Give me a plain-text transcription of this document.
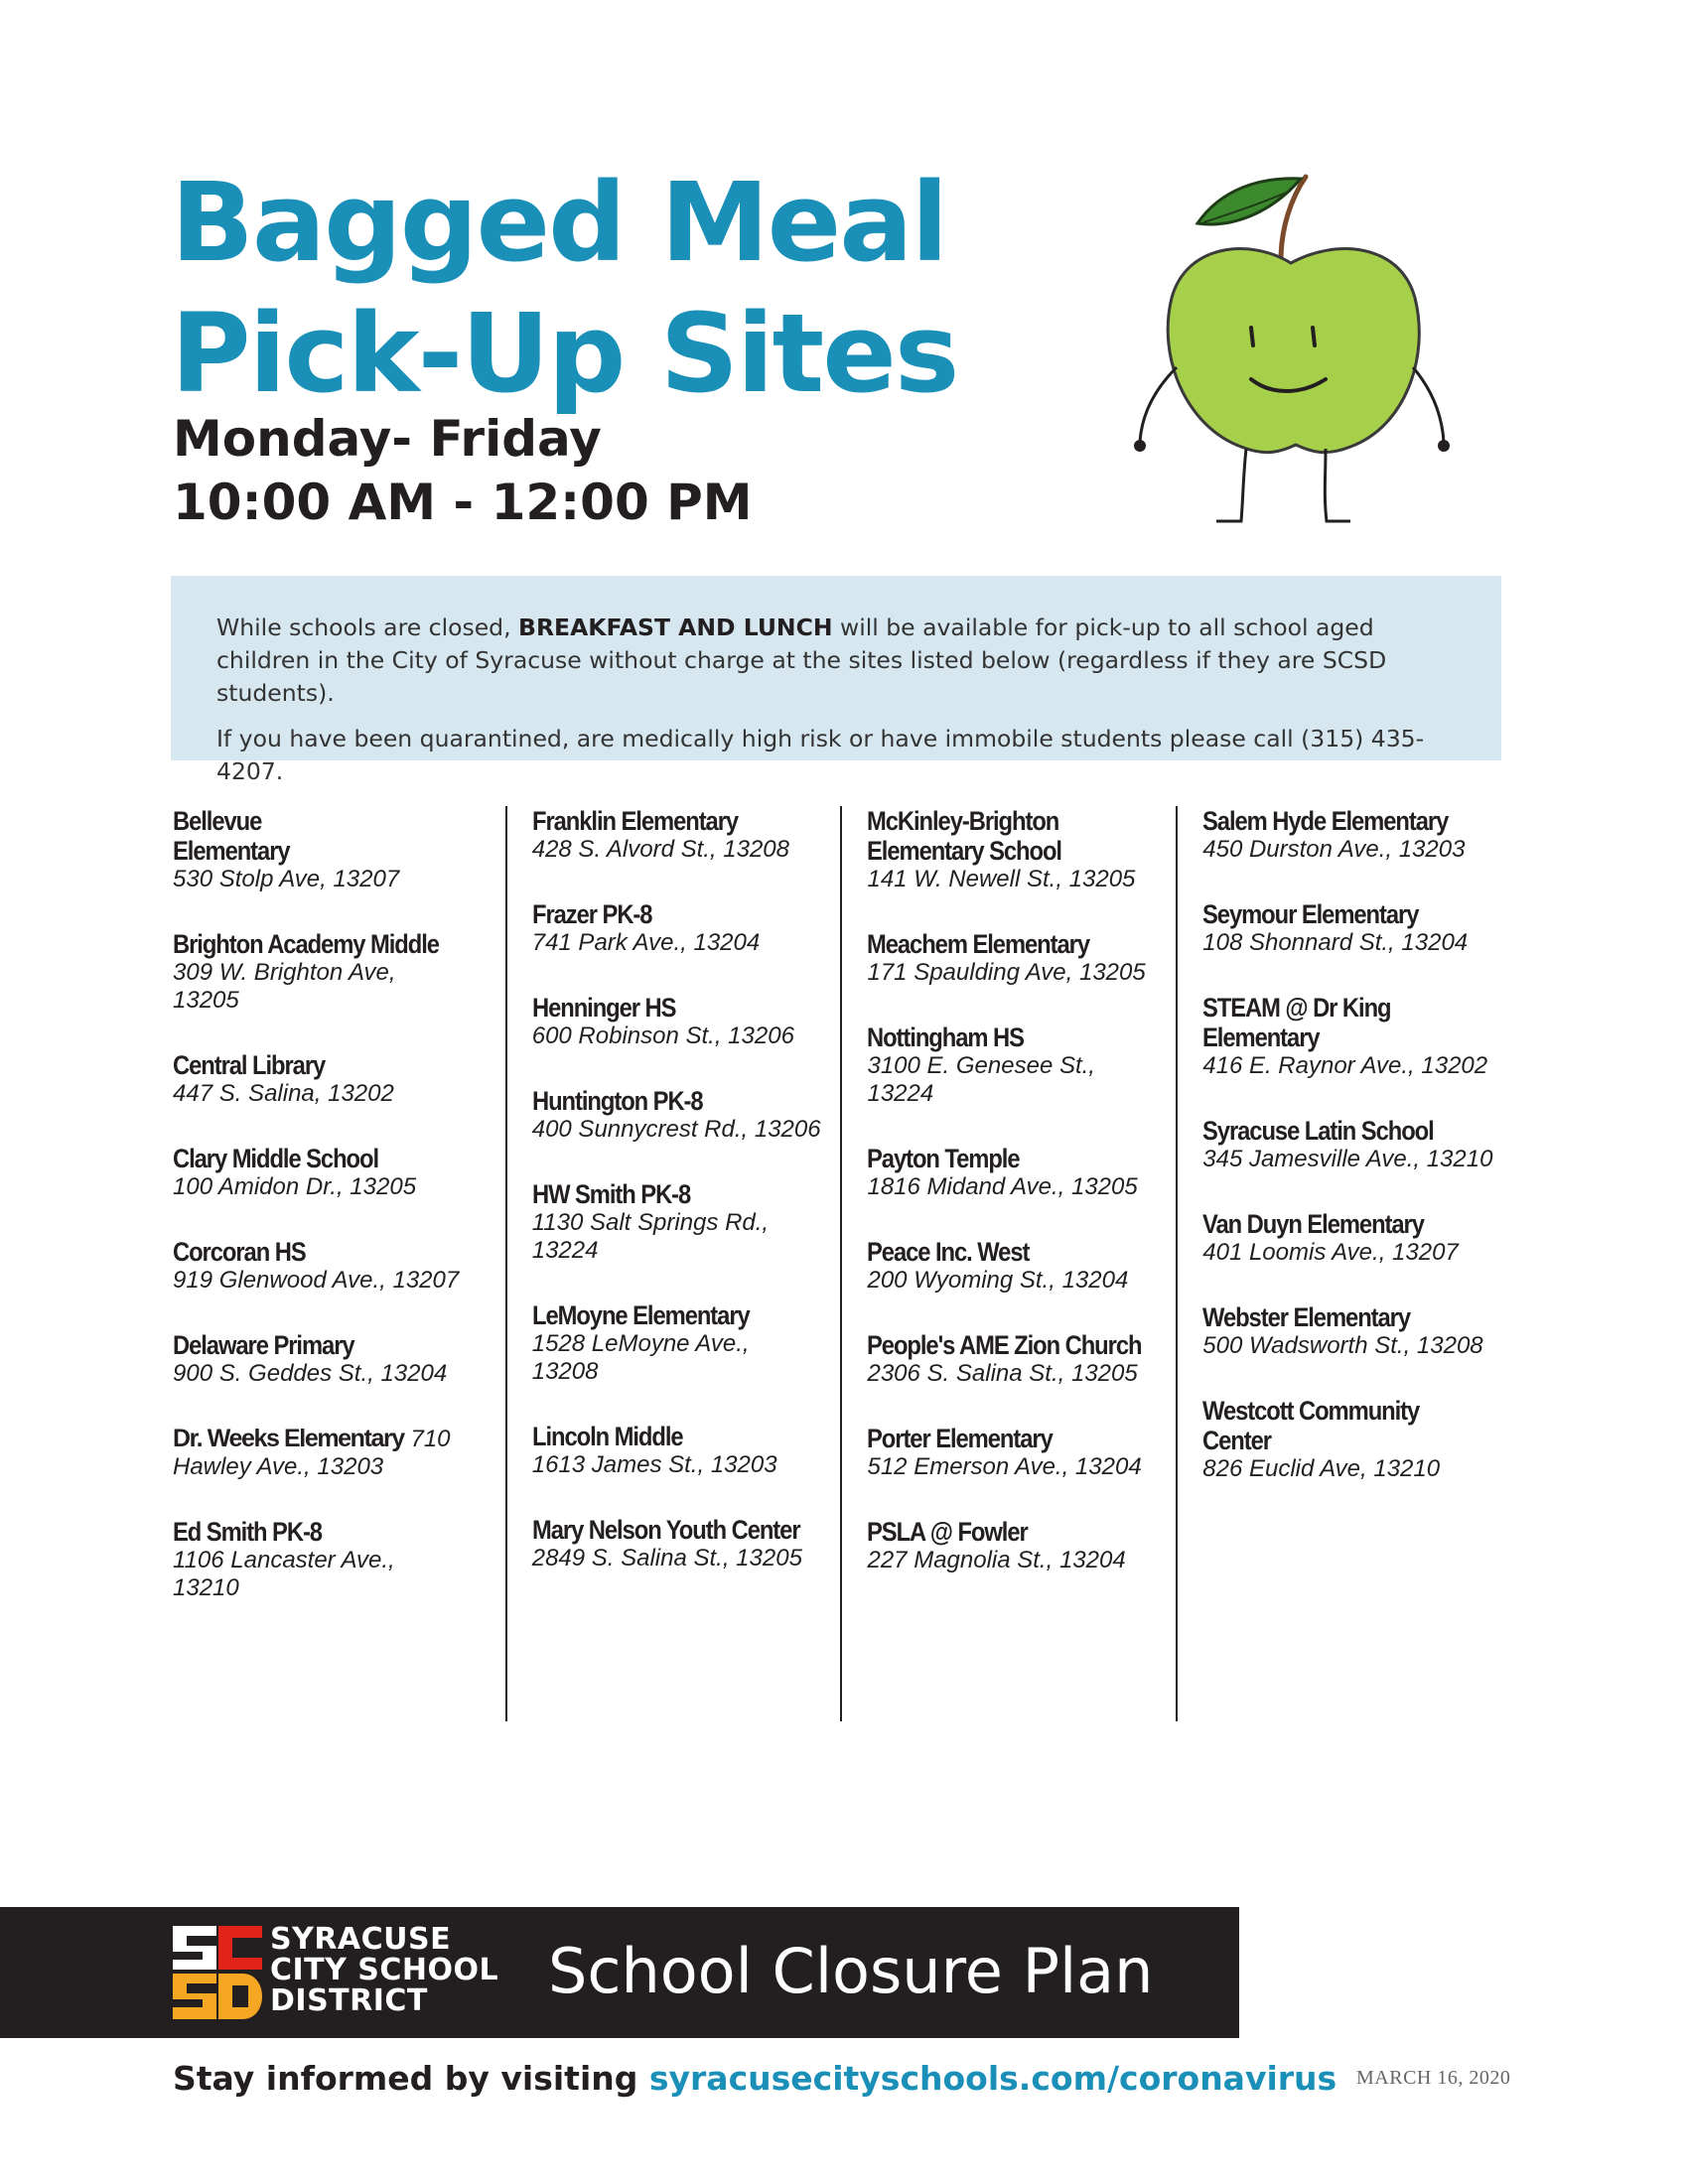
Bagged Meal
Pick-Up Sites
Monday- Friday
10:00 AM - 12:00 PM

While schools are closed, BREAKFAST AND LUNCH will be available for pick-up to all school aged
children in the City of Syracuse without charge at the sites listed below (regardless if they are SCSD students).

If you have been quarantined, are medically high risk or have immobile students please call (315) 435-4207.

Bellevue
Elementary
530 Stolp Ave, 13207
Brighton Academy Middle
309 W. Brighton Ave,
13205
Central Library
447 S. Salina, 13202
Clary Middle School
100 Amidon Dr., 13205
Corcoran HS
919 Glenwood Ave., 13207
Delaware Primary
900 S. Geddes St., 13204
Dr. Weeks Elementary 710
Hawley Ave., 13203
Ed Smith PK-8
1106 Lancaster Ave.,
13210
Franklin Elementary
428 S. Alvord St., 13208
Frazer PK-8
741 Park Ave., 13204
Henninger HS
600 Robinson St., 13206
Huntington PK-8
400 Sunnycrest Rd., 13206
HW Smith PK-8
1130 Salt Springs Rd.,
13224
LeMoyne Elementary
1528 LeMoyne Ave.,
13208
Lincoln Middle
1613 James St., 13203
Mary Nelson Youth Center
2849 S. Salina St., 13205
McKinley-Brighton
Elementary School
141 W. Newell St., 13205
Meachem Elementary
171 Spaulding Ave, 13205
Nottingham HS
3100 E. Genesee St., 13224
Payton Temple
1816 Midand Ave., 13205
Peace Inc. West
200 Wyoming St., 13204
People's AME Zion Church
2306 S. Salina St., 13205
Porter Elementary
512 Emerson Ave., 13204
PSLA @ Fowler
227 Magnolia St., 13204
Salem Hyde Elementary
450 Durston Ave., 13203
Seymour Elementary
108 Shonnard St., 13204
STEAM @ Dr King
Elementary
416 E. Raynor Ave., 13202
Syracuse Latin School
345 Jamesville Ave., 13210
Van Duyn Elementary
401 Loomis Ave., 13207
Webster Elementary
500 Wadsworth St., 13208
Westcott Community
Center
826 Euclid Ave, 13210
SYRACUSE
CITY SCHOOL
DISTRICT	School Closure Plan
Stay informed by visiting syracusecityschools.com/coronavirus MARCH 16, 2020
